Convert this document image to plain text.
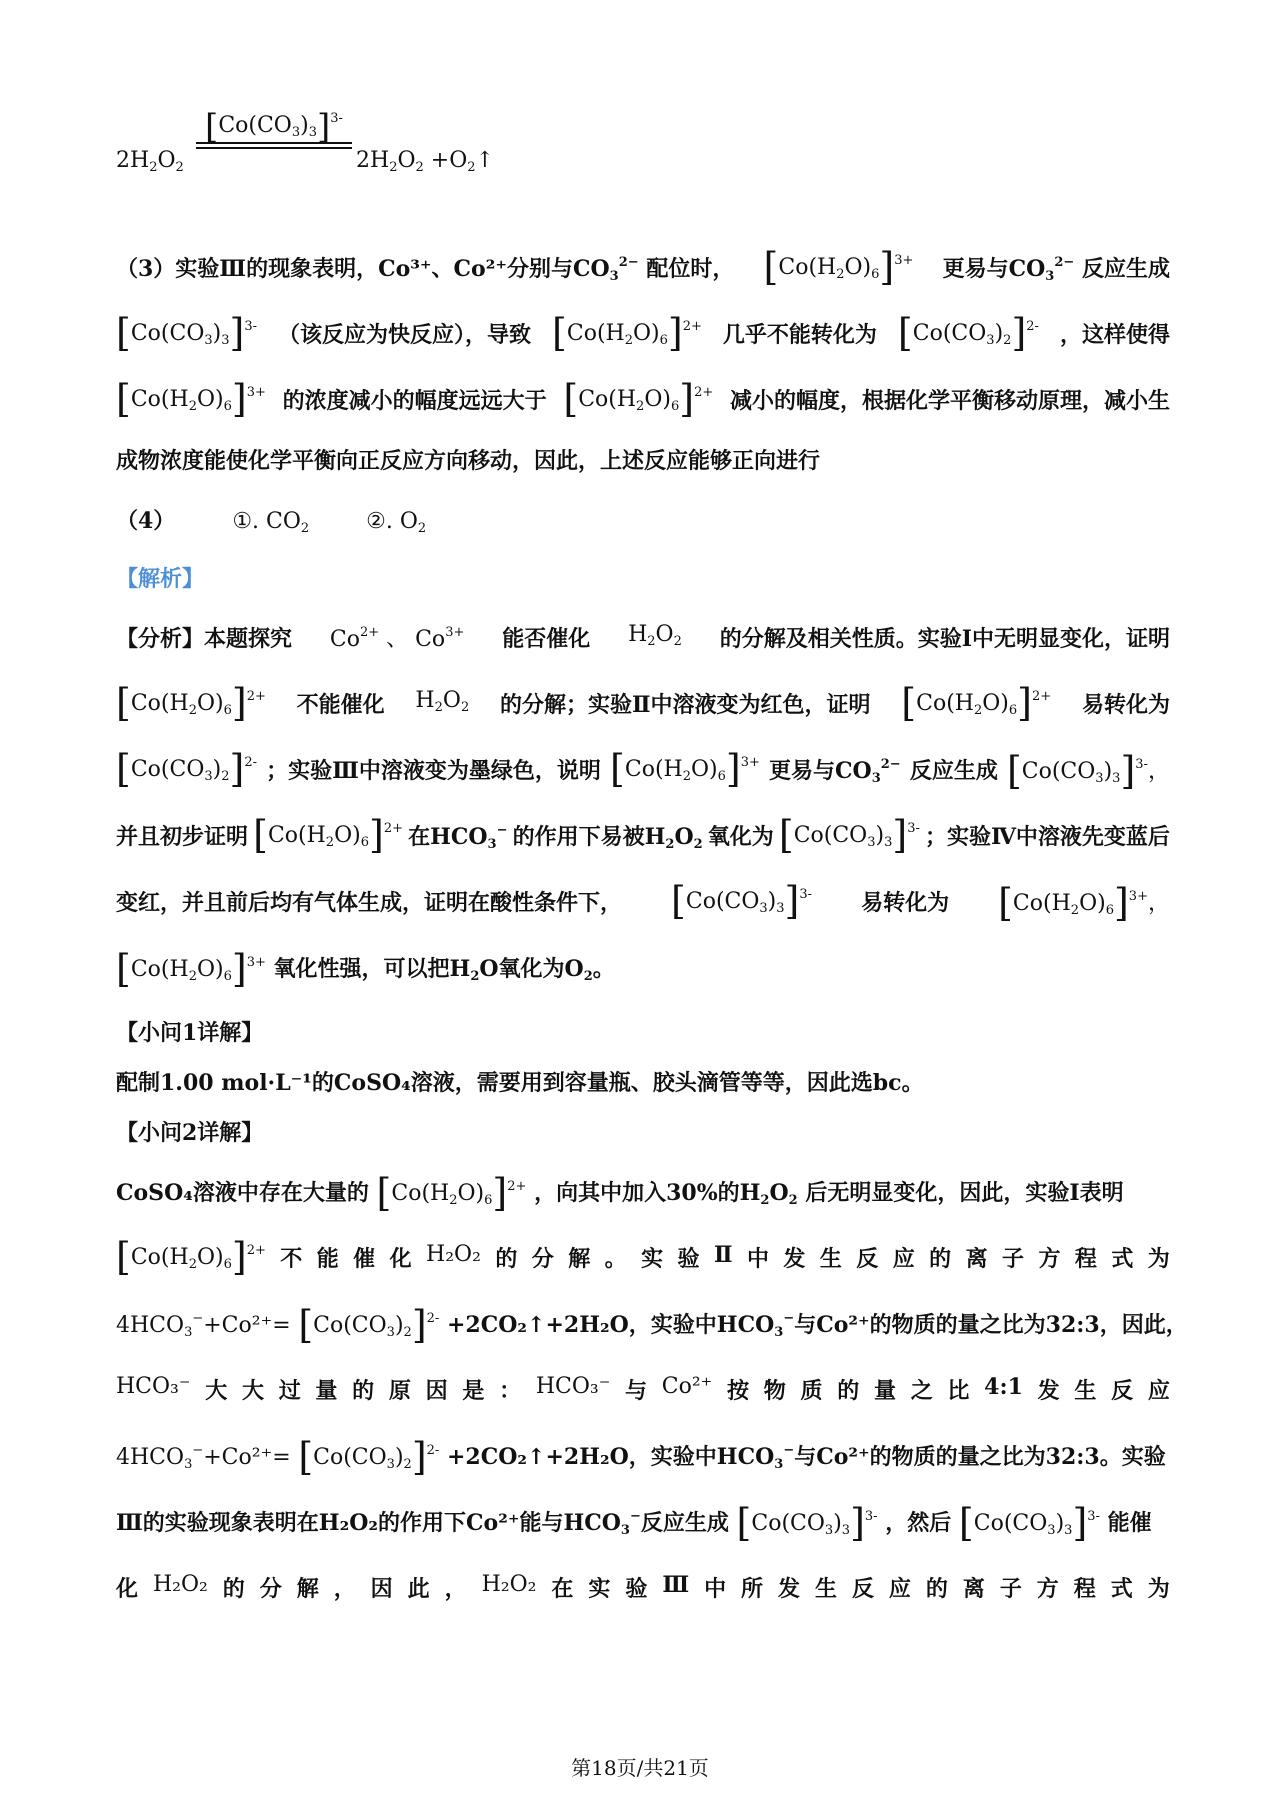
$2H_2O_2$
$[Co(CO_3)_3]^{3-}$
$2H_2O_2$ $+O_2↑$
（3）实验Ⅲ的现象表明，Co³⁺、Co²⁺分别与$CO_3^{2-}$ 配位时， $[Co(H_2O)_6]^{3+}$ 更易与$CO_3^{2-}$ 反应生成
$[Co(CO_3)_3]^{3-}$ （该反应为快反应），导致 $[Co(H_2O)_6]^{2+}$ 几乎不能转化为 $[Co(CO_3)_2]^{2-}$ ，这样使得
$[Co(H_2O)_6]^{3+}$ 的浓度减小的幅度远远大于 $[Co(H_2O)_6]^{2+}$ 减小的幅度，根据化学平衡移动原理，减小生
成物浓度能使化学平衡向正反应方向移动，因此，上述反应能够正向进行
（4）	①. $CO_2$	②. $O_2$
【解析】
【分析】本题探究 $Co^{2+}$ 、 $Co^{3+}$ 能否催化 $H_2O_2$ 的分解及相关性质。实验Ⅰ中无明显变化，证明
$[Co(H_2O)_6]^{2+}$ 不能催化 $H_2O_2$ 的分解；实验Ⅱ中溶液变为红色，证明 $[Co(H_2O)_6]^{2+}$ 易转化为
$[Co(CO_3)_2]^{2-}$ ；实验Ⅲ中溶液变为墨绿色，说明 $[Co(H_2O)_6]^{3+}$ 更易与$CO_3^{2-}$ 反应生成 $[Co(CO_3)_3]^{3-}$，
并且初步证明 $[Co(H_2O)_6]^{2+}$ 在$HCO_3^-$ 的作用下易被$H_2O_2$ 氧化为 $[Co(CO_3)_3]^{3-}$ ；实验Ⅳ中溶液先变蓝后
变红，并且前后均有气体生成，证明在酸性条件下， $[Co(CO_3)_3]^{3-}$ 易转化为 $[Co(H_2O)_6]^{3+}$，
$[Co(H_2O)_6]^{3+}$ 氧化性强，可以把$H_2O$氧化为$O_2$。
【小问1详解】
配制1.00 mol·L⁻¹的CoSO₄溶液，需要用到容量瓶、胶头滴管等等，因此选bc。
【小问2详解】
CoSO₄溶液中存在大量的 $[Co(H_2O)_6]^{2+}$ ，向其中加入30%的$H_2O_2$ 后无明显变化，因此，实验Ⅰ表明
$[Co(H_2O)_6]^{2+}$ 不 能 催 化 H₂O₂ 的 分 解 。 实 验 Ⅱ 中 发 生 反 应 的 离 子 方 程 式 为
$4HCO_3^-+Co^{2+}= [Co(CO_3)_2]^{2-}$ +2CO₂↑+2H₂O，实验中$HCO_3^-$与Co²⁺的物质的量之比为32:3，因此，
HCO₃⁻ 大 大 过 量 的 原 因 是 ： HCO₃⁻ 与 Co²⁺ 按 物 质 的 量 之 比 4:1 发 生 反 应
$4HCO_3^-+Co^{2+}= [Co(CO_3)_2]^{2-}$ +2CO₂↑+2H₂O，实验中$HCO_3^-$与Co²⁺的物质的量之比为32:3。实验
Ⅲ的实验现象表明在H₂O₂的作用下Co²⁺能与$HCO_3^-$反应生成 $[Co(CO_3)_3]^{3-}$ ，然后 $[Co(CO_3)_3]^{3-}$ 能催
化 H₂O₂ 的 分 解 ， 因 此 ， H₂O₂ 在 实 验 Ⅲ 中 所 发 生 反 应 的 离 子 方 程 式 为
第18页/共21页
